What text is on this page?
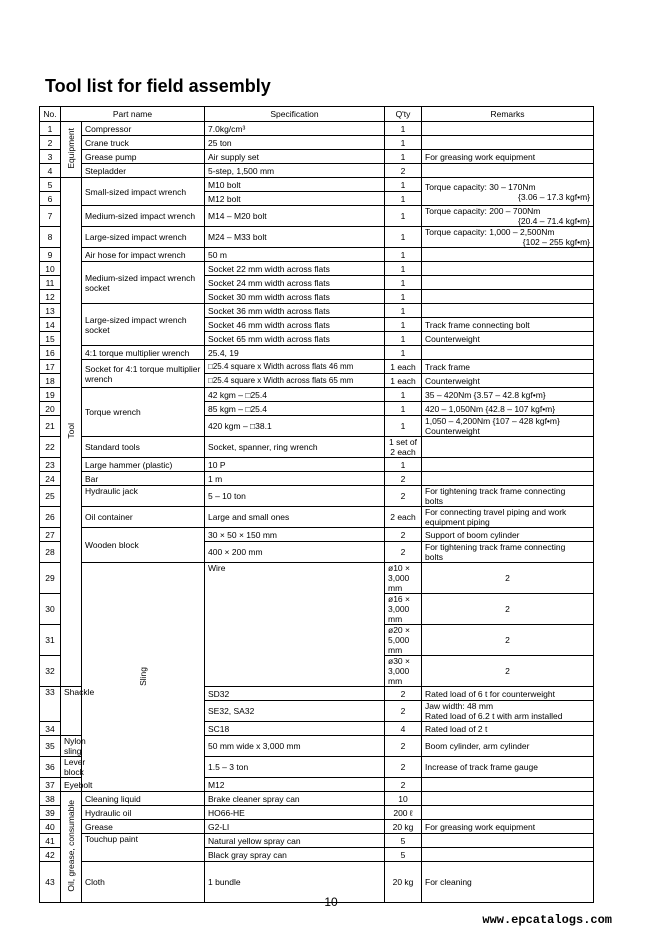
Tool list for field assembly
No.	Part name		Specification	Q'ty	Remarks	
1	Equipment	Compressor	7.0kg/cm³	1		
2		Crane truck	25 ton	1		
3		Grease pump	Air supply set	1	For greasing work equipment	
4		Stepladder	5-step, 1,500 mm	2		
5	Tool	Small-sized impact wrench	M10 bolt	1	Torque capacity: 30 – 170Nm
{3.06 – 17.3 kgf•m}	

6			M12 bolt	1		
7		Medium-sized impact wrench	M14 – M20 bolt	1	Torque capacity: 200 – 700Nm
{20.4 – 71.4 kgf•m}	

8		Large-sized impact wrench	M24 – M33 bolt	1	Torque capacity: 1,000 – 2,500Nm
{102 – 255 kgf•m}	

9		Air hose for impact wrench	50 m	1		
10		Medium-sized impact wrench socket	Socket 22 mm width across flats	1		
11			Socket 24 mm width across flats	1		
12			Socket 30 mm width across flats	1		
13		Large-sized impact wrench socket	Socket 36 mm width across flats	1		
14			Socket 46 mm width across flats	1	Track frame connecting bolt	
15			Socket 65 mm width across flats	1	Counterweight	
16		4:1 torque multiplier wrench	25.4, 19	1		
17		Socket for 4:1 torque multiplier wrench	□25.4 square x Width across flats 46 mm	1 each	Track frame	
18			□25.4 square x Width across flats 65 mm	1 each	Counterweight	
19		Torque wrench	42 kgm – □25.4	1	35 – 420Nm {3.57 – 42.8 kgf•m}	
20			85 kgm – □25.4	1	420 – 1,050Nm {42.8 – 107 kgf•m}	
21			420 kgm – □38.1	1	1,050 – 4,200Nm {107 – 428 kgf•m}
Counterweight	

22		Standard tools	Socket, spanner, ring wrench	1 set of
2 each		

23		Large hammer (plastic)	10 P	1		
24		Bar	1 m	2		
25		Hydraulic jack	5 – 10 ton	2	For tightening track frame connecting
bolts	

26		Oil container	Large and small ones	2 each	For connecting travel piping and work
equipment piping	

27		Wooden block	30 × 50 × 150 mm	2	Support of boom cylinder	
28			400 × 200 mm	2	For tightening track frame connecting
bolts	

29		Sling	Wire	ø10 × 3,000 mm	2	
30				ø16 × 3,000 mm	2	
31				ø20 × 5,000 mm	2	
32				ø30 × 3,000 mm	2	
33	Shackle		SD32	2	Rated load of 6 t for counterweight	
			SE32, SA32	2	Jaw width: 48 mm
Rated load of 6.2 t with arm installed	

34			SC18	4	Rated load of 2 t	
35	Nylon sling		50 mm wide x 3,000 mm	2	Boom cylinder, arm cylinder	
36	Lever block		1.5 – 3 ton	2	Increase of track frame gauge	
37	Eyebolt		M12	2		
38	Oil, grease, consumable	Cleaning liquid	Brake cleaner spray can	10		
39		Hydraulic oil	HO66-HE	200 ℓ		
40		Grease	G2-LI	20 kg	For greasing work equipment	
41		Touchup paint	Natural yellow spray can	5		
42			Black gray spray can	5		
43		Cloth	1 bundle	20 kg	For cleaning	
10
www.epcatalogs.com
